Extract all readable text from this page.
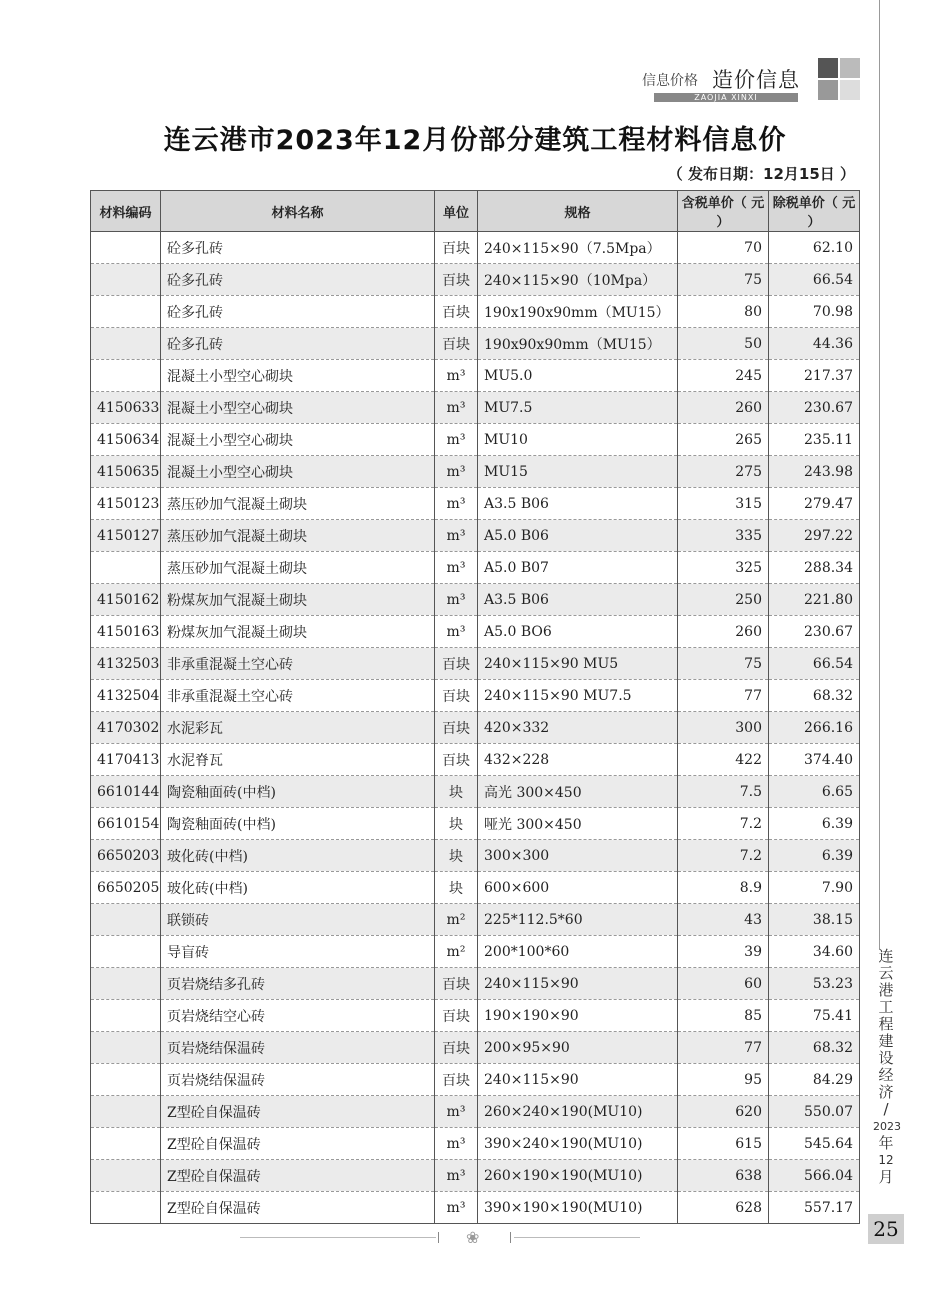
信息价格 造价信息
ZAOJIA XINXI
连云港市2023年12月份部分建筑工程材料信息价
（ 发布日期：12月15日 ）
材料编码	材料名称	单位	规格	含税单价（ 元 ）	除税单价（ 元 ）
	砼多孔砖	百块	240×115×90（7.5Mpa）	70	62.10
	砼多孔砖	百块	240×115×90（10Mpa）	75	66.54
	砼多孔砖	百块	190x190x90mm（MU15）	80	70.98
	砼多孔砖	百块	190x90x90mm（MU15）	50	44.36
	混凝土小型空心砌块	m³	MU5.0	245	217.37
4150633	混凝土小型空心砌块	m³	MU7.5	260	230.67
4150634	混凝土小型空心砌块	m³	MU10	265	235.11
4150635	混凝土小型空心砌块	m³	MU15	275	243.98
4150123	蒸压砂加气混凝土砌块	m³	A3.5 B06	315	279.47
4150127	蒸压砂加气混凝土砌块	m³	A5.0 B06	335	297.22
	蒸压砂加气混凝土砌块	m³	A5.0 B07	325	288.34
4150162	粉煤灰加气混凝土砌块	m³	A3.5 B06	250	221.80
4150163	粉煤灰加气混凝土砌块	m³	A5.0 BO6	260	230.67
4132503	非承重混凝土空心砖	百块	240×115×90 MU5	75	66.54
4132504	非承重混凝土空心砖	百块	240×115×90 MU7.5	77	68.32
4170302	水泥彩瓦	百块	420×332	300	266.16
4170413	水泥脊瓦	百块	432×228	422	374.40
6610144	陶瓷釉面砖(中档)	块	高光 300×450	7.5	6.65
6610154	陶瓷釉面砖(中档)	块	哑光 300×450	7.2	6.39
6650203	玻化砖(中档)	块	300×300	7.2	6.39
6650205	玻化砖(中档)	块	600×600	8.9	7.90
	联锁砖	m²	225*112.5*60	43	38.15
	导盲砖	m²	200*100*60	39	34.60
	页岩烧结多孔砖	百块	240×115×90	60	53.23
	页岩烧结空心砖	百块	190×190×90	85	75.41
	页岩烧结保温砖	百块	200×95×90	77	68.32
	页岩烧结保温砖	百块	240×115×90	95	84.29
	Z型砼自保温砖	m³	260×240×190(MU10)	620	550.07
	Z型砼自保温砖	m³	390×240×190(MU10)	615	545.64
	Z型砼自保温砖	m³	260×190×190(MU10)	638	566.04
	Z型砼自保温砖	m³	390×190×190(MU10)	628	557.17
连
云
港
工
程
建
设
经
济
/
2023
年
12
月
25
❀
